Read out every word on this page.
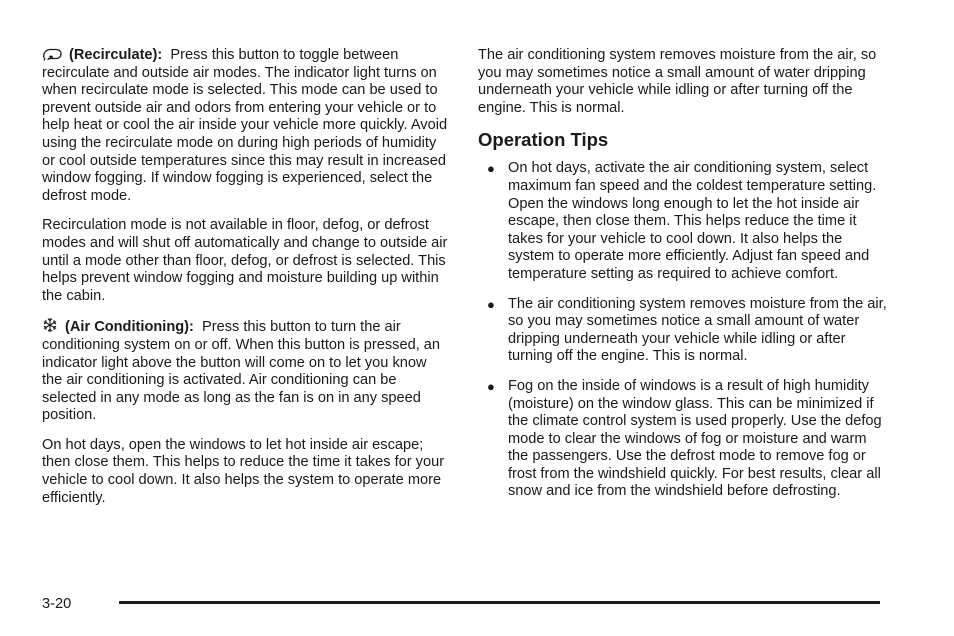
(Recirculate): Press this button to toggle between recirculate and outside air modes. The indicator light turns on when recirculate mode is selected. This mode can be used to prevent outside air and odors from entering your vehicle or to help heat or cool the air inside your vehicle more quickly. Avoid using the recirculate mode on during high periods of humidity or cool outside temperatures since this may result in increased window fogging. If window fogging is experienced, select the defrost mode.

Recirculation mode is not available in floor, defog, or defrost modes and will shut off automatically and change to outside air until a mode other than floor, defog, or defrost is selected. This helps prevent window fogging and moisture building up within the cabin.

(Air Conditioning): Press this button to turn the air conditioning system on or off. When this button is pressed, an indicator light above the button will come on to let you know the air conditioning is activated. Air conditioning can be selected in any mode as long as the fan is on in any speed position.

On hot days, open the windows to let hot inside air escape; then close them. This helps to reduce the time it takes for your vehicle to cool down. It also helps the system to operate more efficiently.

The air conditioning system removes moisture from the air, so you may sometimes notice a small amount of water dripping underneath your vehicle while idling or after turning off the engine. This is normal.

Operation Tips
● On hot days, activate the air conditioning system, select maximum fan speed and the coldest temperature setting. Open the windows long enough to let the hot inside air escape, then close them. This helps reduce the time it takes for your vehicle to cool down. It also helps the system to operate more efficiently. Adjust fan speed and temperature setting as required to achieve comfort.
● The air conditioning system removes moisture from the air, so you may sometimes notice a small amount of water dripping underneath your vehicle while idling or after turning off the engine. This is normal.
● Fog on the inside of windows is a result of high humidity (moisture) on the window glass. This can be minimized if the climate control system is used properly. Use the defog mode to clear the windows of fog or moisture and warm the passengers. Use the defrost mode to remove fog or frost from the windshield quickly. For best results, clear all snow and ice from the windshield before defrosting.
3-20
